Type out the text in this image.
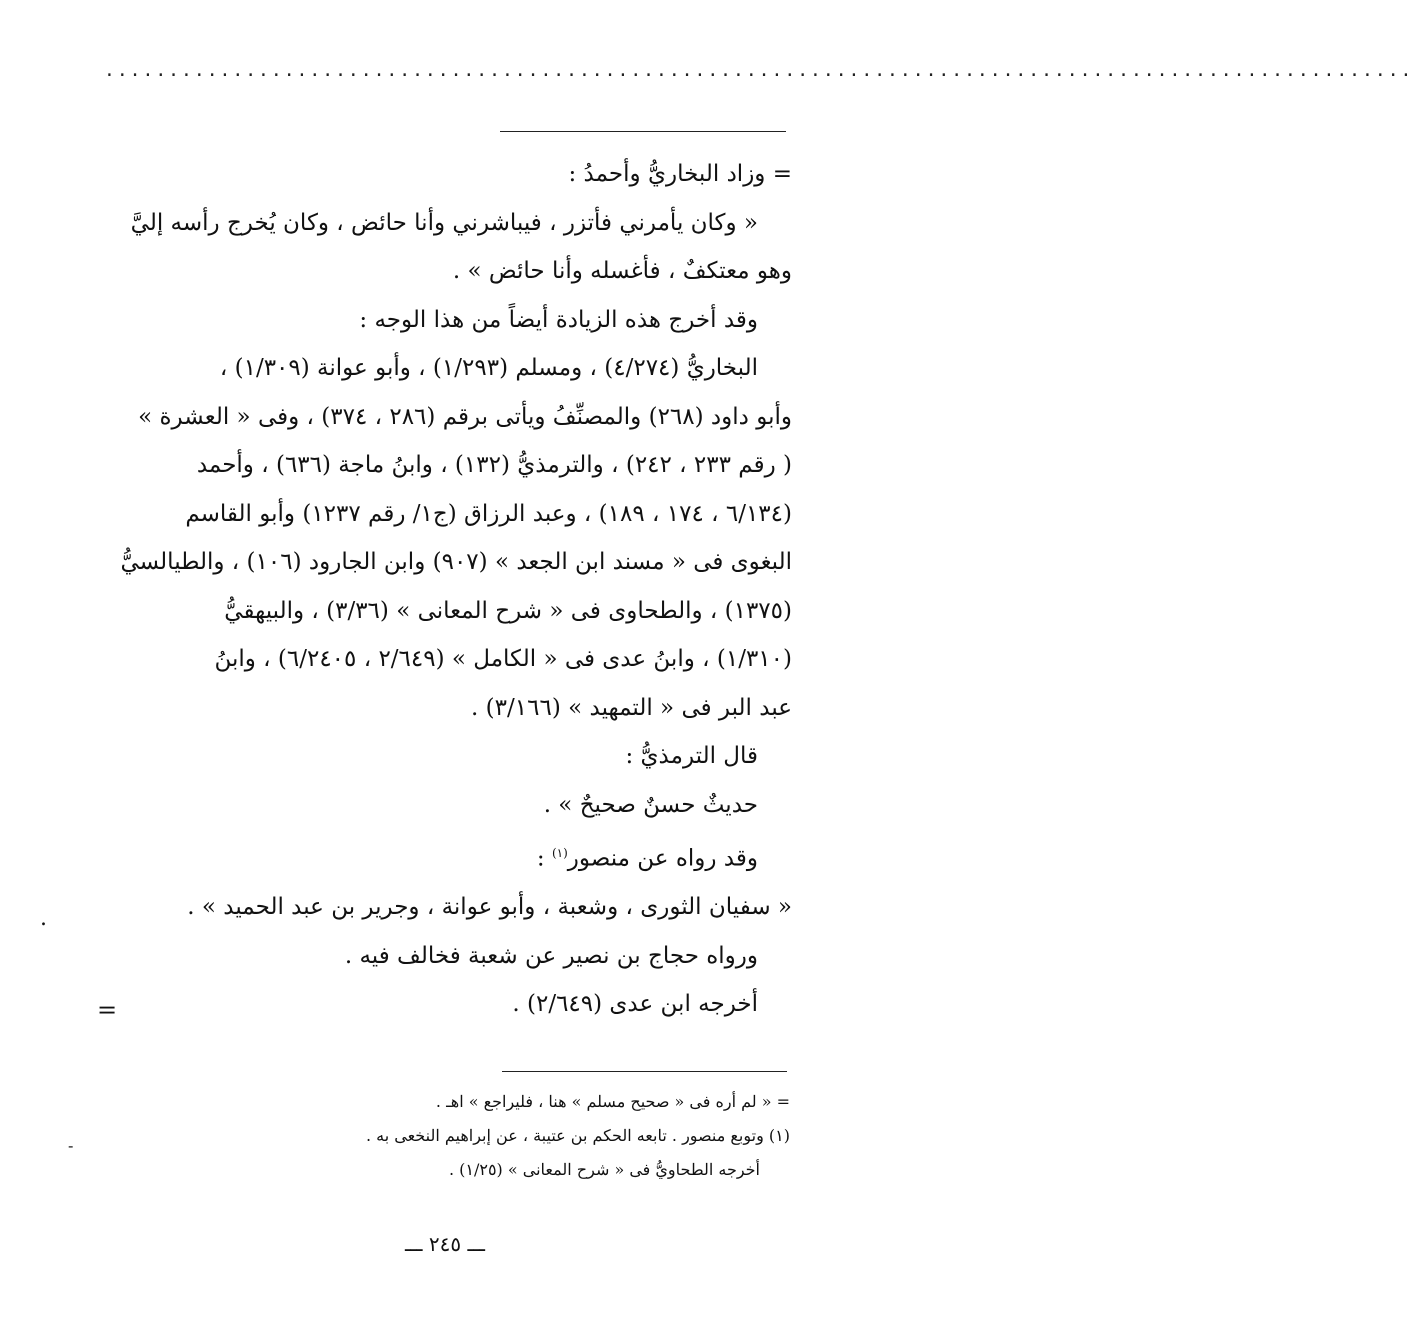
......................................................................................................
= وزاد البخاريُّ وأحمدُ :
« وكان يأمرني فأتزر ، فيباشرني وأنا حائض ، وكان يُخرج رأسه إليَّ
وهو معتكفٌ ، فأغسله وأنا حائض » .
وقد أخرج هذه الزيادة أيضاً من هذا الوجه :
البخاريُّ (٤/٢٧٤) ، ومسلم (١/٢٩٣) ، وأبو عوانة (١/٣٠٩) ،
وأبو داود (٢٦٨) والمصنِّفُ ويأتى برقم (٢٨٦ ، ٣٧٤) ، وفى « العشرة »
( رقم ٢٣٣ ، ٢٤٢) ، والترمذيُّ (١٣٢) ، وابنُ ماجة (٦٣٦) ، وأحمد
(٦/١٣٤ ، ١٧٤ ، ١٨٩) ، وعبد الرزاق (ج١/ رقم ١٢٣٧) وأبو القاسم
البغوى فى « مسند ابن الجعد » (٩٠٧) وابن الجارود (١٠٦) ، والطيالسيُّ
(١٣٧٥) ، والطحاوى فى « شرح المعانى » (٣/٣٦) ، والبيهقيُّ
(١/٣١٠) ، وابنُ عدى فى « الكامل » (٢/٦٤٩ ، ٦/٢٤٠٥) ، وابنُ
عبد البر فى « التمهيد » (٣/١٦٦) .
قال الترمذيُّ :
حديثٌ حسنٌ صحيحٌ » .
وقد رواه عن منصور$^{(١)}$ :
« سفيان الثورى ، وشعبة ، وأبو عوانة ، وجرير بن عبد الحميد » .
ورواه حجاج بن نصير عن شعبة فخالف فيه .
أخرجه ابن عدى (٢/٦٤٩) .
=
.
-
= « لم أره فى « صحيح مسلم » هنا ، فليراجع » اهـ .
(١) وتوبع منصور . تابعه الحكم بن عتيبة ، عن إبراهيم النخعى به .
أخرجه الطحاويُّ فى « شرح المعانى » (١/٢٥) .
ـــ ٢٤٥ ـــ
